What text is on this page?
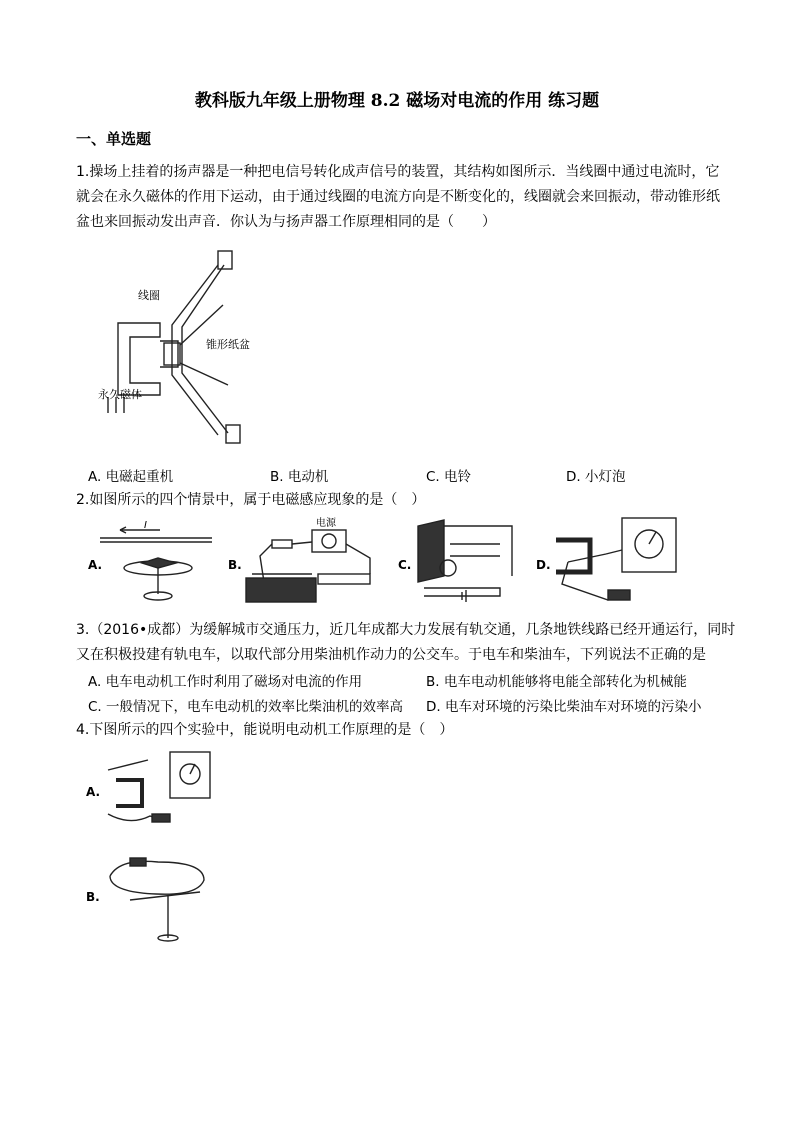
教科版九年级上册物理 8.2 磁场对电流的作用 练习题
一、单选题
1.操场上挂着的扬声器是一种把电信号转化成声信号的装置，其结构如图所示．当线圈中通过电流时，它
就会在永久磁体的作用下运动，由于通过线圈的电流方向是不断变化的，线圈就会来回振动，带动锥形纸
盆也来回振动发出声音．你认为与扬声器工作原理相同的是（　　）
线圈
锥形纸盆
永久磁体
A. 电磁起重机	B. 电动机	C. 电铃	D. 小灯泡
2.如图所示的四个情景中，属于电磁感应现象的是（　）
A.
I
B.
电源
C.	D.
3.（2016•成都）为缓解城市交通压力，近几年成都大力发展有轨交通，几条地铁线路已经开通运行，同时
又在积极投建有轨电车，以取代部分用柴油机作动力的公交车。于电车和柴油车，下列说法不正确的是
A. 电车电动机工作时利用了磁场对电流的作用	B. 电车电动机能够将电能全部转化为机械能
C. 一般情况下，电车电动机的效率比柴油机的效率高 D. 电车对环境的污染比柴油车对环境的污染小
4.下图所示的四个实验中，能说明电动机工作原理的是（　）
A.
B.
